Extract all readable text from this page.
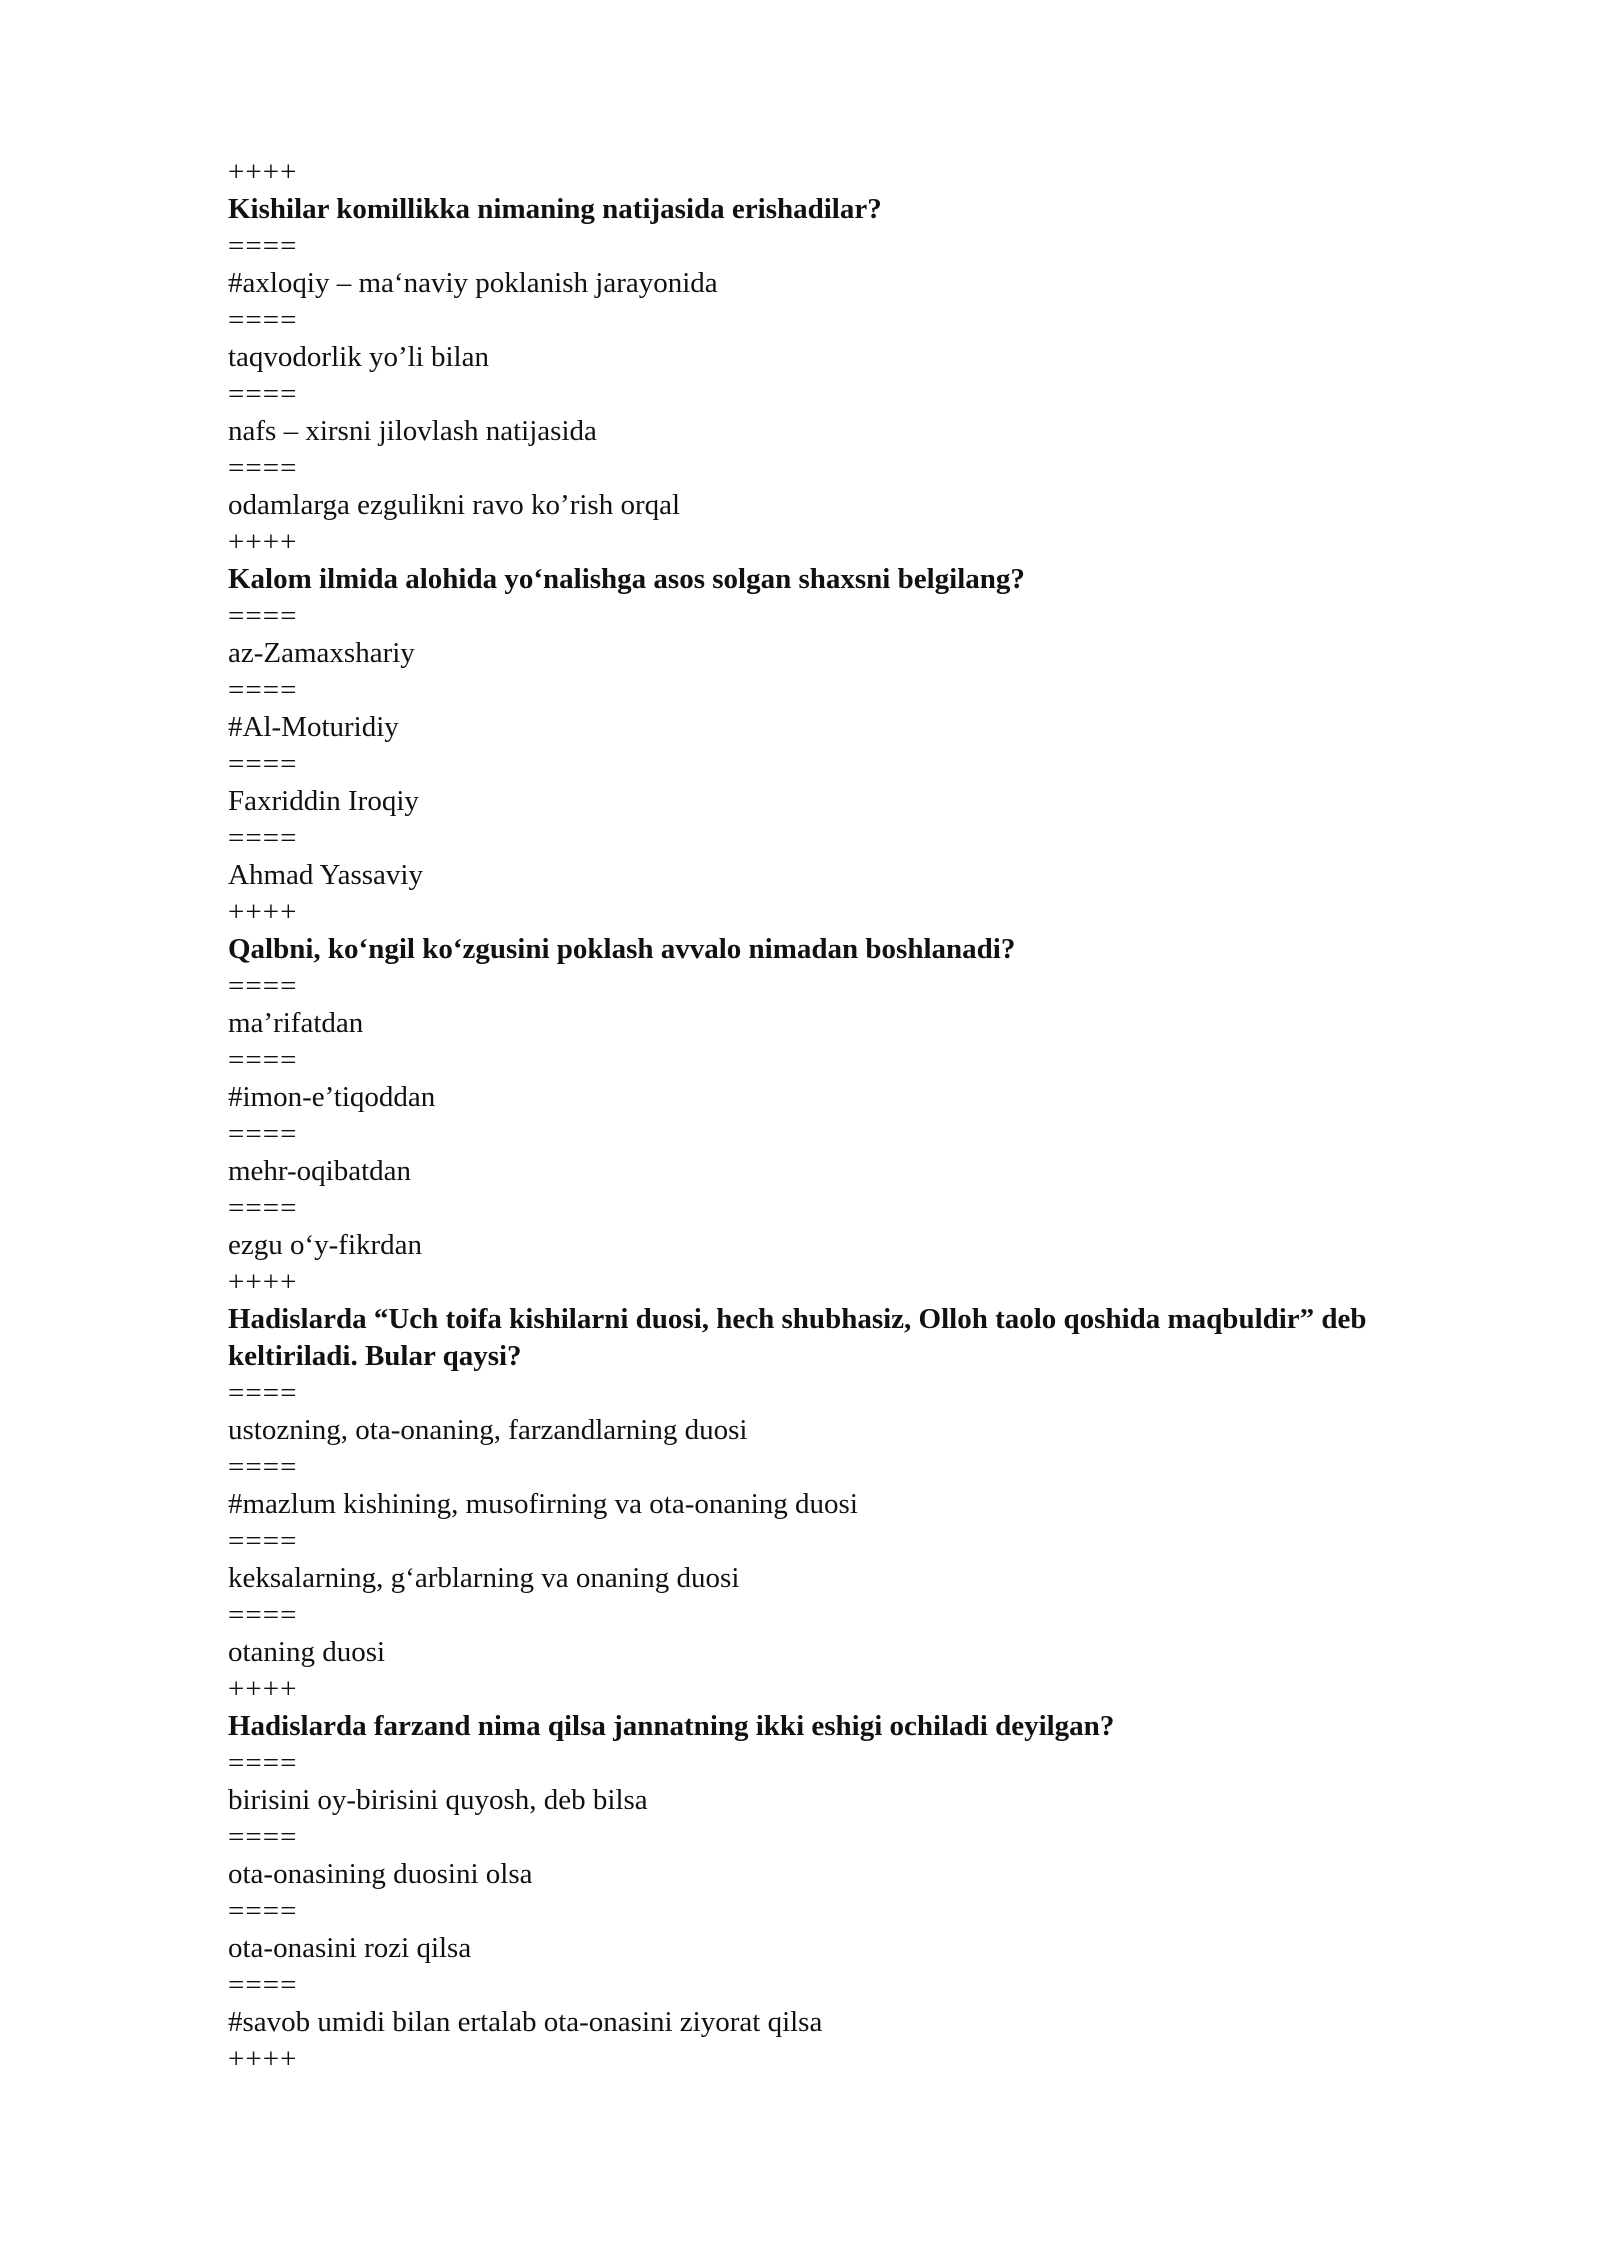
++++
Kishilar komillikka nimaning natijasida erishadilar?
====
#axloqiy – ma‘naviy poklanish jarayonida
====
taqvodorlik yo’li bilan
====
nafs – xirsni jilovlash natijasida
====
odamlarga ezgulikni ravo ko’rish orqal
++++
Kalom ilmida alohida yo‘nalishga asos solgan shaxsni belgilang?
====
az-Zamaxshariy
====
#Al-Moturidiy
====
Faxriddin Iroqiy
====
Ahmad Yassaviy
++++
Qalbni, ko‘ngil ko‘zgusini poklash avvalo nimadan boshlanadi?
====
ma’rifatdan
====
#imon-e’tiqoddan
====
mehr-oqibatdan
====
ezgu o‘y-fikrdan
++++
Hadislarda “Uch toifa kishilarni duosi, hech shubhasiz, Olloh taolo qoshida maqbuldir” deb keltiriladi. Bular qaysi?
====
ustozning, ota-onaning, farzandlarning duosi
====
#mazlum kishining, musofirning va ota-onaning duosi
====
keksalarning, g‘arblarning va onaning duosi
====
otaning duosi
++++
Hadislarda farzand nima qilsa jannatning ikki eshigi ochiladi deyilgan?
====
birisini oy-birisini quyosh, deb bilsa
====
ota-onasining duosini olsa
====
ota-onasini rozi qilsa
====
#savob umidi bilan ertalab ota-onasini ziyorat qilsa
++++
